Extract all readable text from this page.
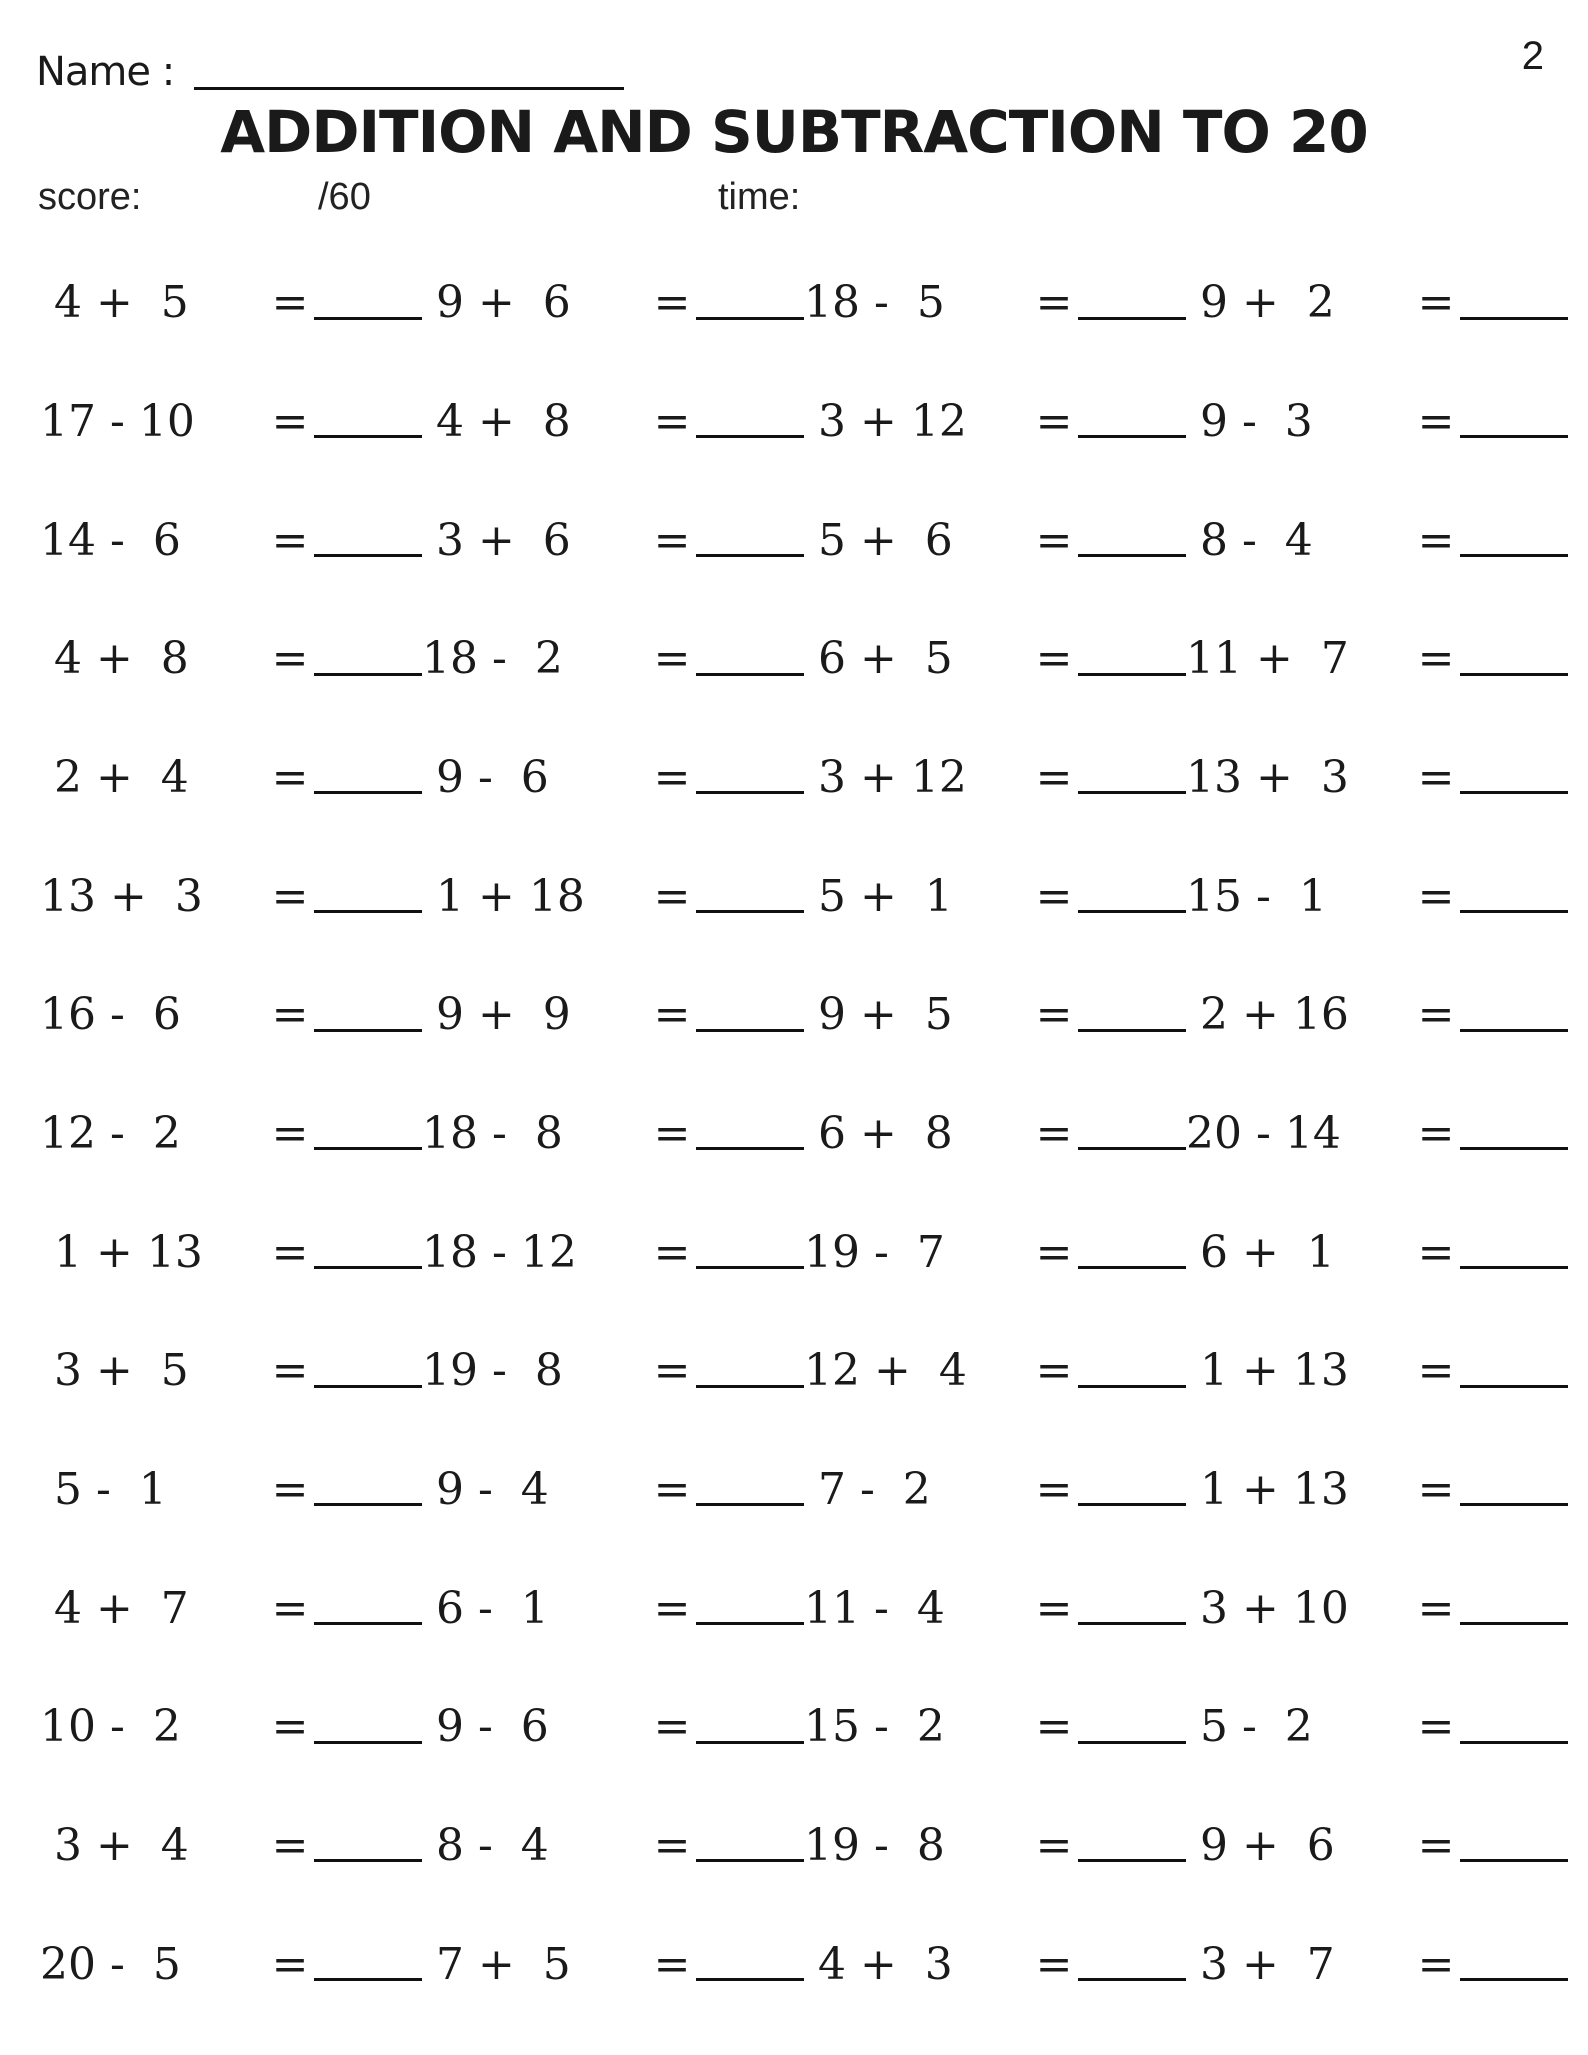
Name :	2
ADDITION AND SUBTRACTION TO 20
score:	/60	time:
4 +  5	=	9 +  6	=	18 -  5	=	9 +  2	=
17 - 10	=	4 +  8	=	3 + 12	=	9 -  3	=
14 -  6	=	3 +  6	=	5 +  6	=	8 -  4	=
4 +  8	=	18 -  2	=	6 +  5	=	11 +  7	=
2 +  4	=	9 -  6	=	3 + 12	=	13 +  3	=
13 +  3	=	1 + 18	=	5 +  1	=	15 -  1	=
16 -  6	=	9 +  9	=	9 +  5	=	2 + 16	=
12 -  2	=	18 -  8	=	6 +  8	=	20 - 14	=
1 + 13	=	18 - 12	=	19 -  7	=	6 +  1	=
3 +  5	=	19 -  8	=	12 +  4	=	1 + 13	=
5 -  1	=	9 -  4	=	7 -  2	=	1 + 13	=
4 +  7	=	6 -  1	=	11 -  4	=	3 + 10	=
10 -  2	=	9 -  6	=	15 -  2	=	5 -  2	=
3 +  4	=	8 -  4	=	19 -  8	=	9 +  6	=
20 -  5	=	7 +  5	=	4 +  3	=	3 +  7	=
